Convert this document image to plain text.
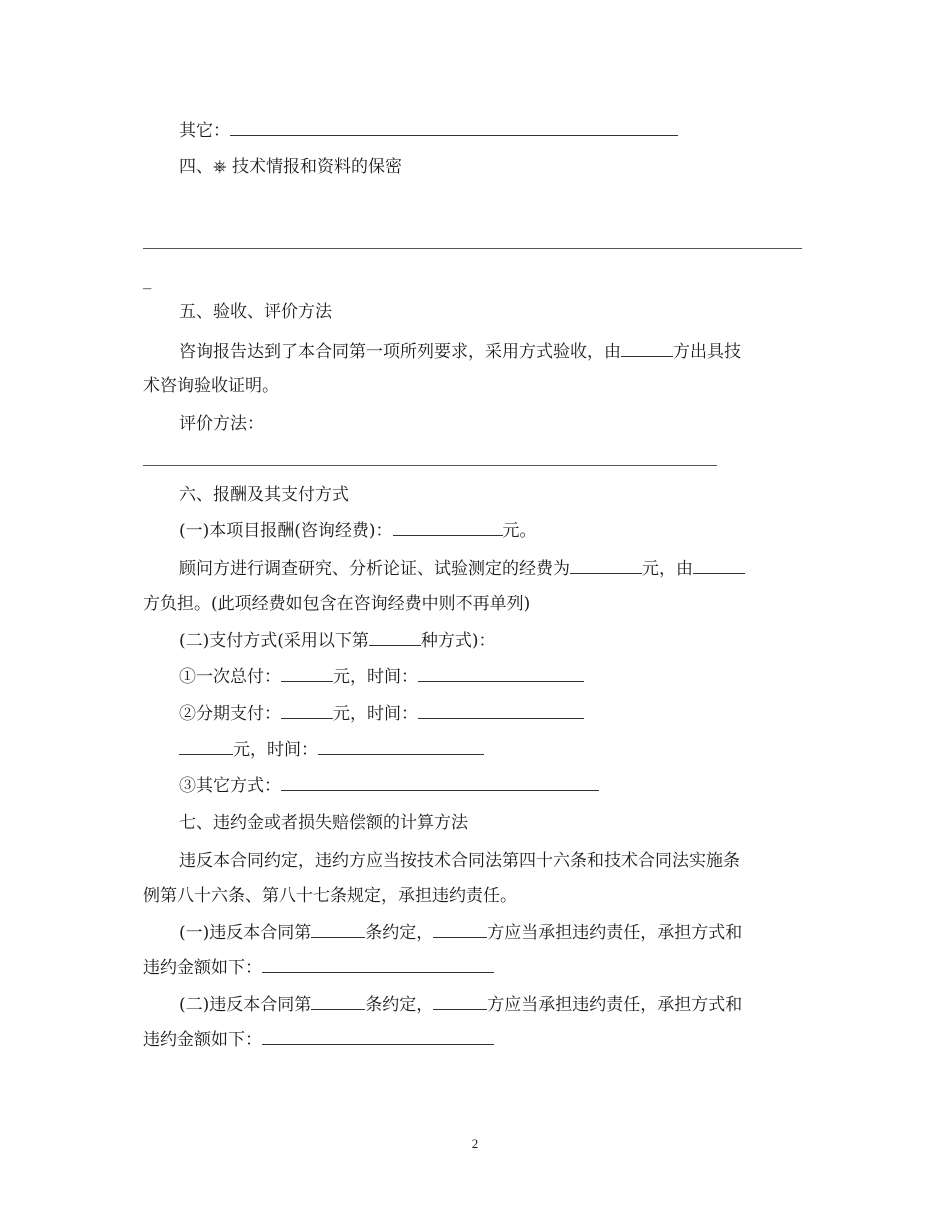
其它：
四、⎈ 技术情报和资料的保密
_
五、验收、评价方法
咨询报告达到了本合同第一项所列要求，采用方式验收，由	方出具技
术咨询验收证明。
评价方法：
六、报酬及其支付方式
(一)本项目报酬(咨询经费)：	元。
顾问方进行调查研究、分析论证、试验测定的经费为	元，由
方负担。(此项经费如包含在咨询经费中则不再单列)
(二)支付方式(采用以下第	种方式)：
①一次总付：	元，时间：
②分期支付：	元，时间：
元，时间：
③其它方式：
七、违约金或者损失赔偿额的计算方法
违反本合同约定，违约方应当按技术合同法第四十六条和技术合同法实施条
例第八十六条、第八十七条规定，承担违约责任。
(一)违反本合同第	条约定，	方应当承担违约责任，承担方式和
违约金额如下：
(二)违反本合同第	条约定，	方应当承担违约责任，承担方式和
违约金额如下：
2
